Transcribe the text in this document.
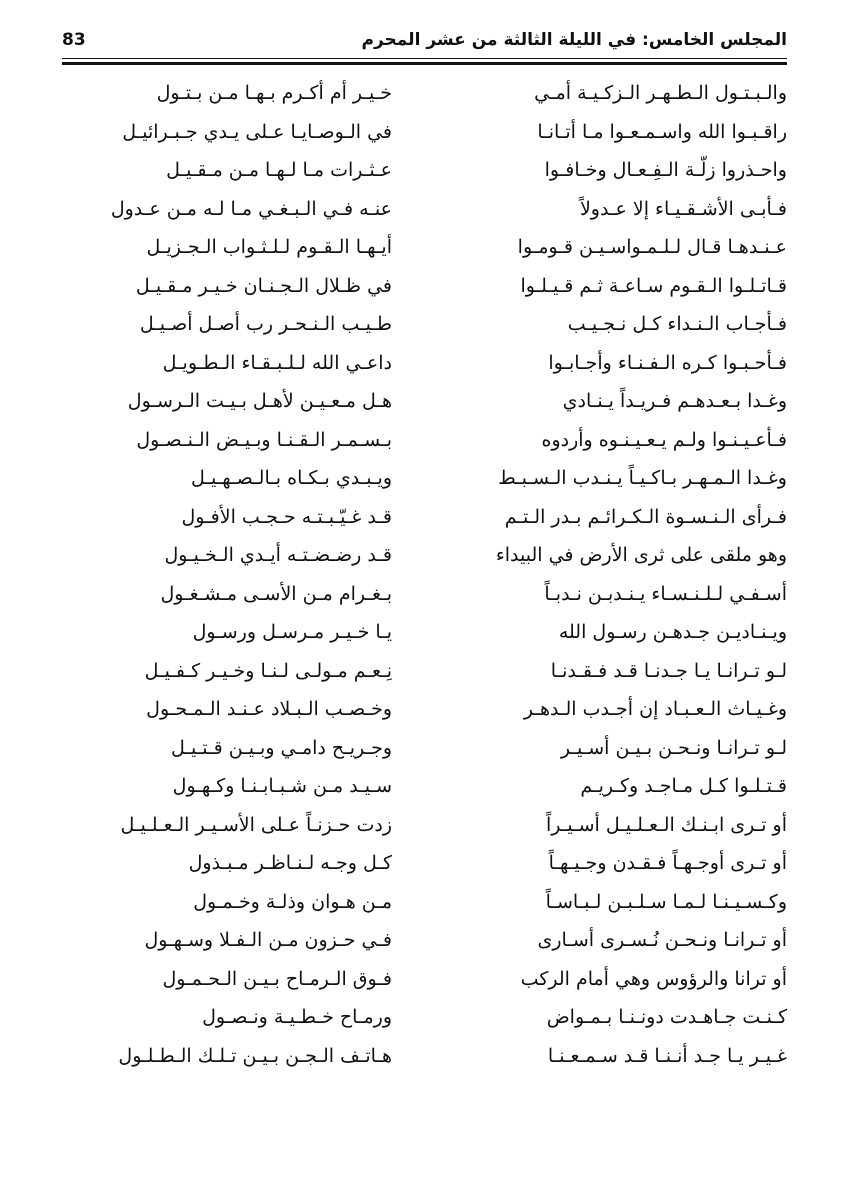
المجلس الخامس: في الليلة الثالثة من عشر المحرم
83
والـبـتـول الـطـهـر الـزكـيـة أمـي
خـيـر أم أكـرم بـهـا مـن بـتـول
راقـبـوا الله واسـمـعـوا مـا أتـانـا
في الـوصـايـا عـلى يـدي جـبـرائيـل
واحـذروا زلّـة الـفِـعـال وخـافـوا
عـثـرات مـا لـهـا مـن مـقـيـل
فـأبـى الأشـقـيـاء إلا عـدولاً
عنـه فـي الـبـغـي مـا لـه مـن عـدول
عـنـدهـا قـال لـلـمـواسـيـن قـومـوا
أيـهـا الـقـوم لـلـثـواب الـجـزيـل
قـاتـلـوا الـقـوم سـاعـة ثـم قـيـلـوا
في ظـلال الـجـنـان خـيـر مـقـيـل
فـأجـاب الـنـداء كـل نـجـيـب
طـيـب الـنـحـر رب أصـل أصـيـل
فـأحـبـوا كـره الـفـنـاء وأجـابـوا
داعـي الله لـلـبـقـاء الـطـويـل
وغـدا بـعـدهـم فـريـداً يـنـادي
هـل مـعـيـن لأهـل بـيـت الـرسـول
فـأعـيـنـوا ولـم يـعـيـنـوه وأردوه
بـسـمـر الـقـنـا وبـيـض الـنـصـول
وغـدا الـمـهـر بـاكـيـاً يـنـدب الـسـبـط
ويـبـدي بـكـاه بـالـصـهـيـل
فـرأى الـنـسـوة الـكـرائـم بـدر الـتـم
قـد غـيّـبـتـه حـجـب الأفـول
وهو ملقى على ثرى الأرض في البيداء
قـد رضـضـتـه أيـدي الـخـيـول
أسـفـي لـلـنـسـاء يـنـدبـن نـدبـاً
بـغـرام مـن الأسـى مـشـغـول
ويـنـاديـن جـدهـن رسـول الله
يـا خـيـر مـرسـل ورسـول
لـو تـرانـا يـا جـدنـا قـد فـقـدنـا
نِـعـم مـولـى لـنـا وخـيـر كـفـيـل
وغـيـاث الـعـبـاد إن أجـدب الـدهـر
وخـصـب الـبـلاد عـنـد الـمـحـول
لـو تـرانـا ونـحـن بـيـن أسـيـر
وجـريـح دامـي وبـيـن قـتـيـل
قـتـلـوا كـل مـاجـد وكـريـم
سـيـد مـن شـبـابـنـا وكـهـول
أو تـرى ابـنـك الـعـلـيـل أسـيـراً
زدت حـزنـاً عـلى الأسـيـر الـعـلـيـل
أو تـرى أوجـهـاً فـقـدن وجـيـهـاً
كـل وجـه لـنـاظـر مـبـذول
وكـسـيـنـا لـمـا سـلـبـن لـبـاسـاً
مـن هـوان وذلـة وخـمـول
أو تـرانـا ونـحـن نُـسـرى أسـارى
فـي حـزون مـن الـفـلا وسـهـول
أو ترانا والرؤوس وهي أمام الركب
فـوق الـرمـاح بـيـن الـحـمـول
كـنـت جـاهـدت دونـنـا بـمـواض
ورمـاح خـطـيـة ونـصـول
غـيـر يـا جـد أنـنـا قـد سـمـعـنـا
هـاتـف الـجـن بـيـن تـلـك الـطـلـول
